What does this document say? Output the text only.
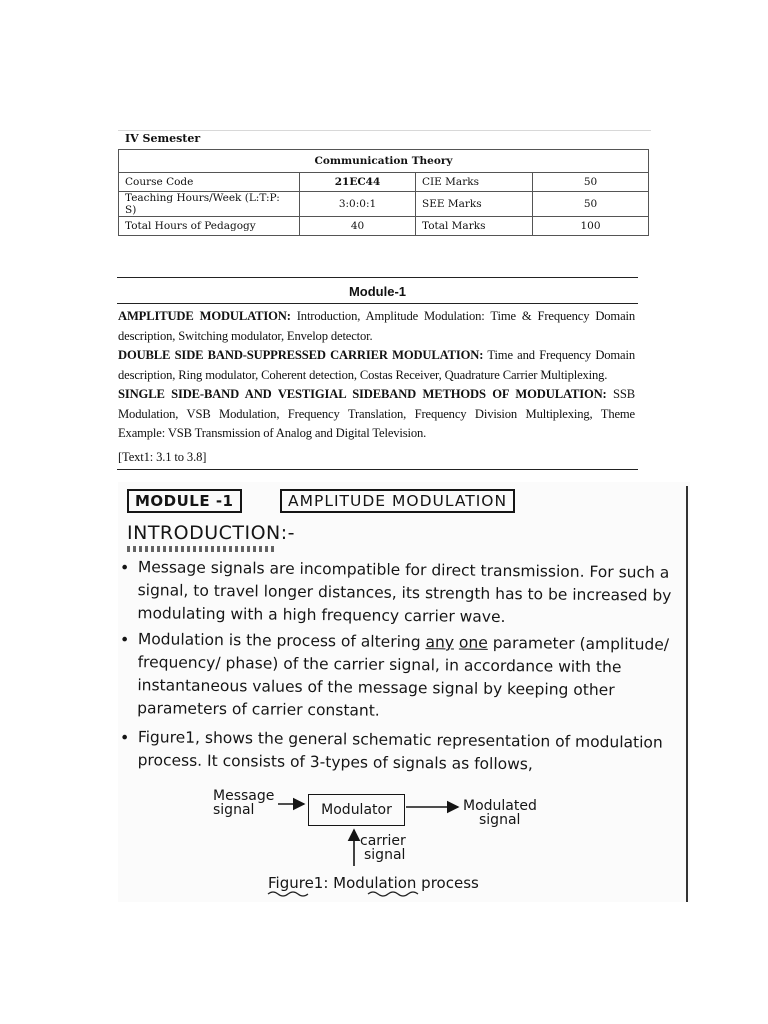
IV Semester
Communication Theory			
Course Code	21EC44	CIE Marks	50
Teaching Hours/Week (L:T:P: S)	3:0:0:1	SEE Marks	50
Total Hours of Pedagogy	40	Total Marks	100
Module-1

AMPLITUDE MODULATION: Introduction, Amplitude Modulation: Time & Frequency Domain description, Switching modulator, Envelop detector.

DOUBLE SIDE BAND-SUPPRESSED CARRIER MODULATION: Time and Frequency Domain description, Ring modulator, Coherent detection, Costas Receiver, Quadrature Carrier Multiplexing.

SINGLE SIDE-BAND AND VESTIGIAL SIDEBAND METHODS OF MODULATION: SSB Modulation, VSB Modulation, Frequency Translation, Frequency Division Multiplexing, Theme Example: VSB Transmission of Analog and Digital Television.

[Text1: 3.1 to 3.8]

MODULE -1	AMPLITUDE MODULATION
INTRODUCTION:-
• Message signals are incompatible for direct transmission. For such a signal, to travel longer distances, its strength has to be increased by modulating with a high frequency carrier wave.
• Modulation is the process of altering any one parameter (amplitude/ frequency/ phase) of the carrier signal, in accordance with the instantaneous values of the message signal by keeping other parameters of carrier constant.
• Figure1, shows the general schematic representation of modulation process. It consists of 3-types of signals as follows,
Message
signal	Modulator	Modulated
signal
carrier
signal
Figure1: Modulation process
